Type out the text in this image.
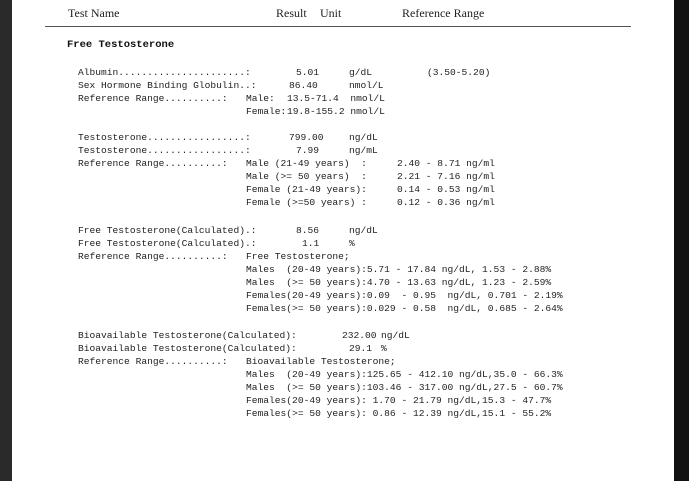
Test Name	Result Unit	Reference Range
Free Testosterone
Albumin......................:	5.01	g/dL	(3.50-5.20)
Sex Hormone Binding Globulin..:	86.40	nmol/L
Reference Range..........: Male: 13.5-71.4  nmol/L
Female: 19.8-155.2 nmol/L
Testosterone.................:	799.00	ng/dL
Testosterone.................:	7.99	ng/mL
Reference Range..........: Male (21-49 years)  :	2.40 - 8.71 ng/ml
Male (>= 50 years)  :	2.21 - 7.16 ng/ml
Female (21-49 years):	0.14 - 0.53 ng/ml
Female (>=50 years) :	0.12 - 0.36 ng/ml
Free Testosterone(Calculated).:	8.56	ng/dL
Free Testosterone(Calculated).:	1.1	%
Reference Range..........: Free Testosterone;
Males  (20-49 years):5.71 - 17.84 ng/dL, 1.53 - 2.88%
Males  (>= 50 years):4.70 - 13.63 ng/dL, 1.23 - 2.59%
Females(20-49 years):0.09  - 0.95  ng/dL, 0.701 - 2.19%
Females(>= 50 years):0.029 - 0.58  ng/dL, 0.685 - 2.64%
Bioavailable Testosterone(Calculated):	232.00 ng/dL
Bioavailable Testosterone(Calculated):	29.1 %
Reference Range..........: Bioavailable Testosterone;
Males  (20-49 years):125.65 - 412.10 ng/dL,35.0 - 66.3%
Males  (>= 50 years):103.46 - 317.00 ng/dL,27.5 - 60.7%
Females(20-49 years): 1.70 - 21.79 ng/dL,15.3 - 47.7%
Females(>= 50 years): 0.86 - 12.39 ng/dL,15.1 - 55.2%
